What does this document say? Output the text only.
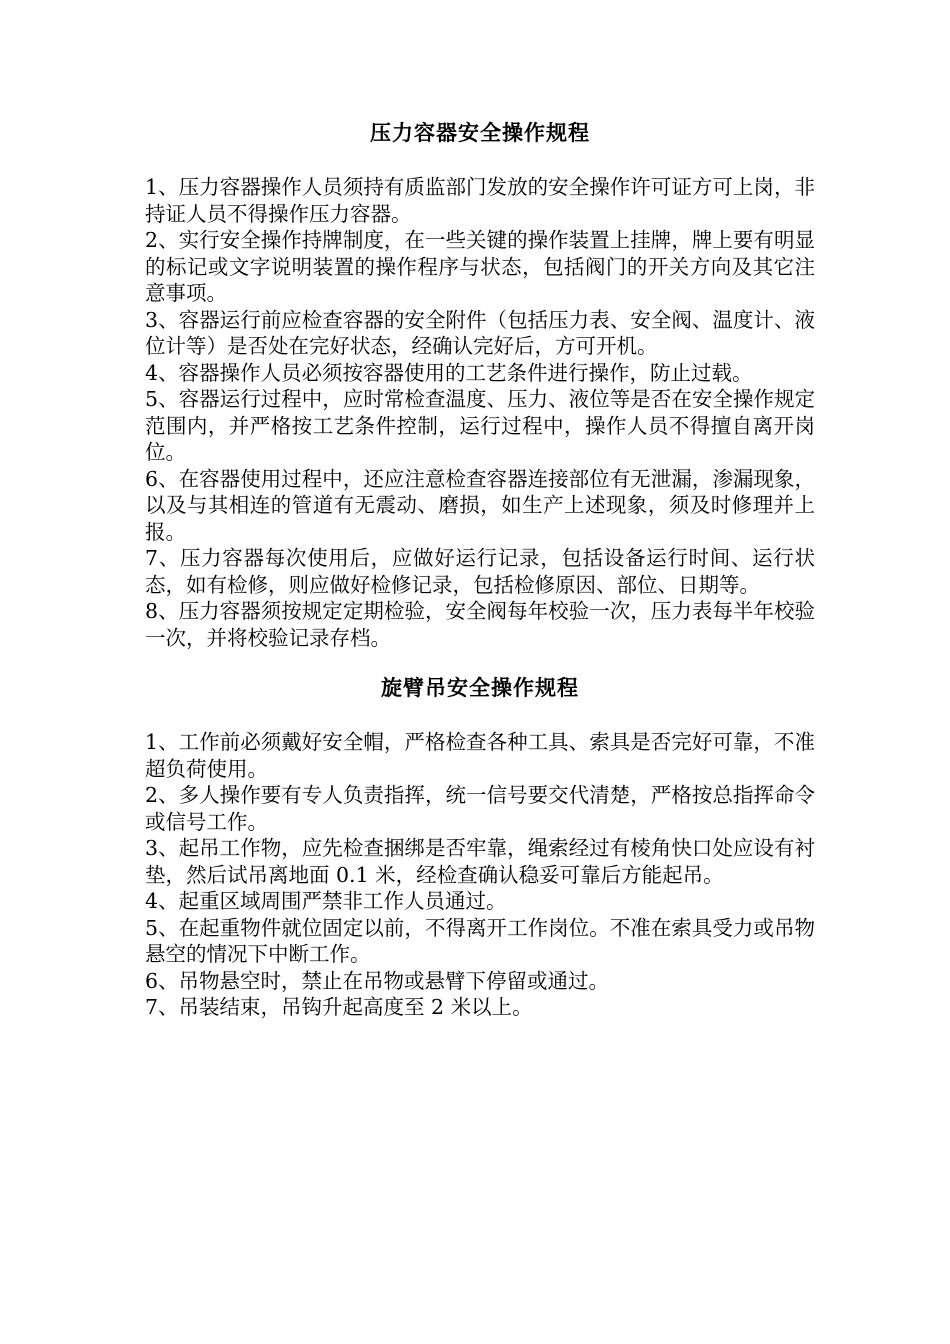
压力容器安全操作规程

1、压力容器操作人员须持有质监部门发放的安全操作许可证方可上岗，非持证人员不得操作压力容器。

2、实行安全操作持牌制度，在一些关键的操作装置上挂牌，牌上要有明显的标记或文字说明装置的操作程序与状态，包括阀门的开关方向及其它注意事项。

3、容器运行前应检查容器的安全附件（包括压力表、安全阀、温度计、液位计等）是否处在完好状态，经确认完好后，方可开机。

4、容器操作人员必须按容器使用的工艺条件进行操作，防止过载。

5、容器运行过程中，应时常检查温度、压力、液位等是否在安全操作规定范围内，并严格按工艺条件控制，运行过程中，操作人员不得擅自离开岗位。

6、在容器使用过程中，还应注意检查容器连接部位有无泄漏，渗漏现象，以及与其相连的管道有无震动、磨损，如生产上述现象，须及时修理并上报。

7、压力容器每次使用后，应做好运行记录，包括设备运行时间、运行状态，如有检修，则应做好检修记录，包括检修原因、部位、日期等。

8、压力容器须按规定定期检验，安全阀每年校验一次，压力表每半年校验一次，并将校验记录存档。

旋臂吊安全操作规程

1、工作前必须戴好安全帽，严格检查各种工具、索具是否完好可靠，不准超负荷使用。

2、多人操作要有专人负责指挥，统一信号要交代清楚，严格按总指挥命令或信号工作。

3、起吊工作物，应先检查捆绑是否牢靠，绳索经过有棱角快口处应设有衬垫，然后试吊离地面 0.1 米，经检查确认稳妥可靠后方能起吊。

4、起重区域周围严禁非工作人员通过。

5、在起重物件就位固定以前，不得离开工作岗位。不准在索具受力或吊物悬空的情况下中断工作。

6、吊物悬空时，禁止在吊物或悬臂下停留或通过。

7、吊装结束，吊钩升起高度至 2 米以上。
